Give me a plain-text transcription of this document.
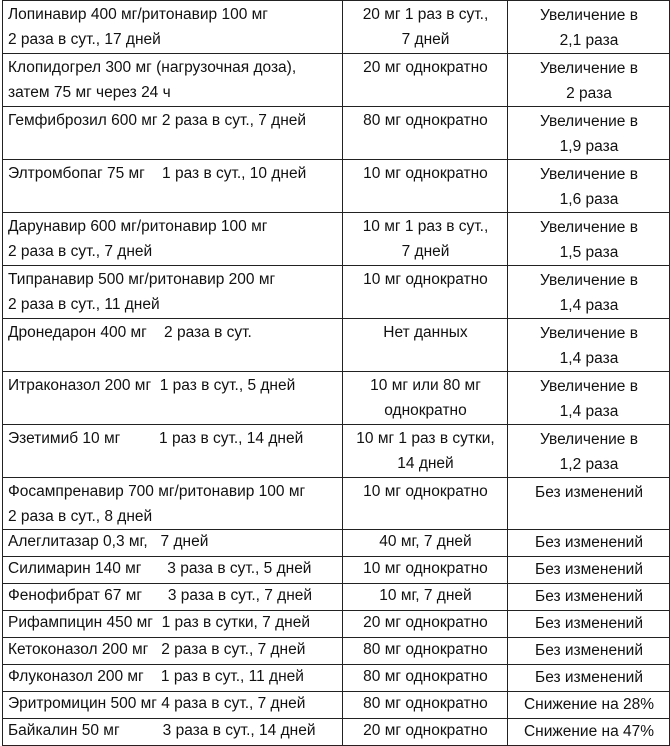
Лопинавир 400 мг/ритонавир 100 мг
2 раза в сут., 17 дней	20 мг 1 раз в сут.,
7 дней	Увеличение в
2,1 раза
Клопидогрел 300 мг (нагрузочная доза),
затем 75 мг через 24 ч	20 мг однократно	Увеличение в
2 раза
Гемфиброзил 600 мг 2 раза в сут., 7 дней	80 мг однократно	Увеличение в
1,9 раза
Элтромбопаг 75 мг    1 раз в сут., 10 дней	10 мг однократно	Увеличение в
1,6 раза
Дарунавир 600 мг/ритонавир 100 мг
2 раза в сут., 7 дней	10 мг 1 раз в сут.,
7 дней	Увеличение в
1,5 раза
Типранавир 500 мг/ритонавир 200 мг
2 раза в сут., 11 дней	10 мг однократно	Увеличение в
1,4 раза
Дронедарон 400 мг    2 раза в сут.	Нет данных	Увеличение в
1,4 раза
Итраконазол 200 мг  1 раз в сут., 5 дней	10 мг или 80 мг
однократно	Увеличение в
1,4 раза
Эзетимиб 10 мг         1 раз в сут., 14 дней	10 мг 1 раз в сутки,
14 дней	Увеличение в
1,2 раза
Фосампренавир 700 мг/ритонавир 100 мг
2 раза в сут., 8 дней	10 мг однократно	Без изменений
Алеглитазар 0,3 мг,   7 дней	40 мг, 7 дней	Без изменений
Силимарин 140 мг      3 раза в сут., 5 дней	10 мг однократно	Без изменений
Фенофибрат 67 мг      3 раза в сут., 7 дней	10 мг, 7 дней	Без изменений
Рифампицин 450 мг  1 раз в сутки, 7 дней	20 мг однократно	Без изменений
Кетоконазол 200 мг   2 раза в сут., 7 дней	80 мг однократно	Без изменений
Флуконазол 200 мг    1 раз в сут., 11 дней	80 мг однократно	Без изменений
Эритромицин 500 мг 4 раза в сут., 7 дней	80 мг однократно	Снижение на 28%
Байкалин 50 мг          3 раза в сут., 14 дней	20 мг однократно	Снижение на 47%
